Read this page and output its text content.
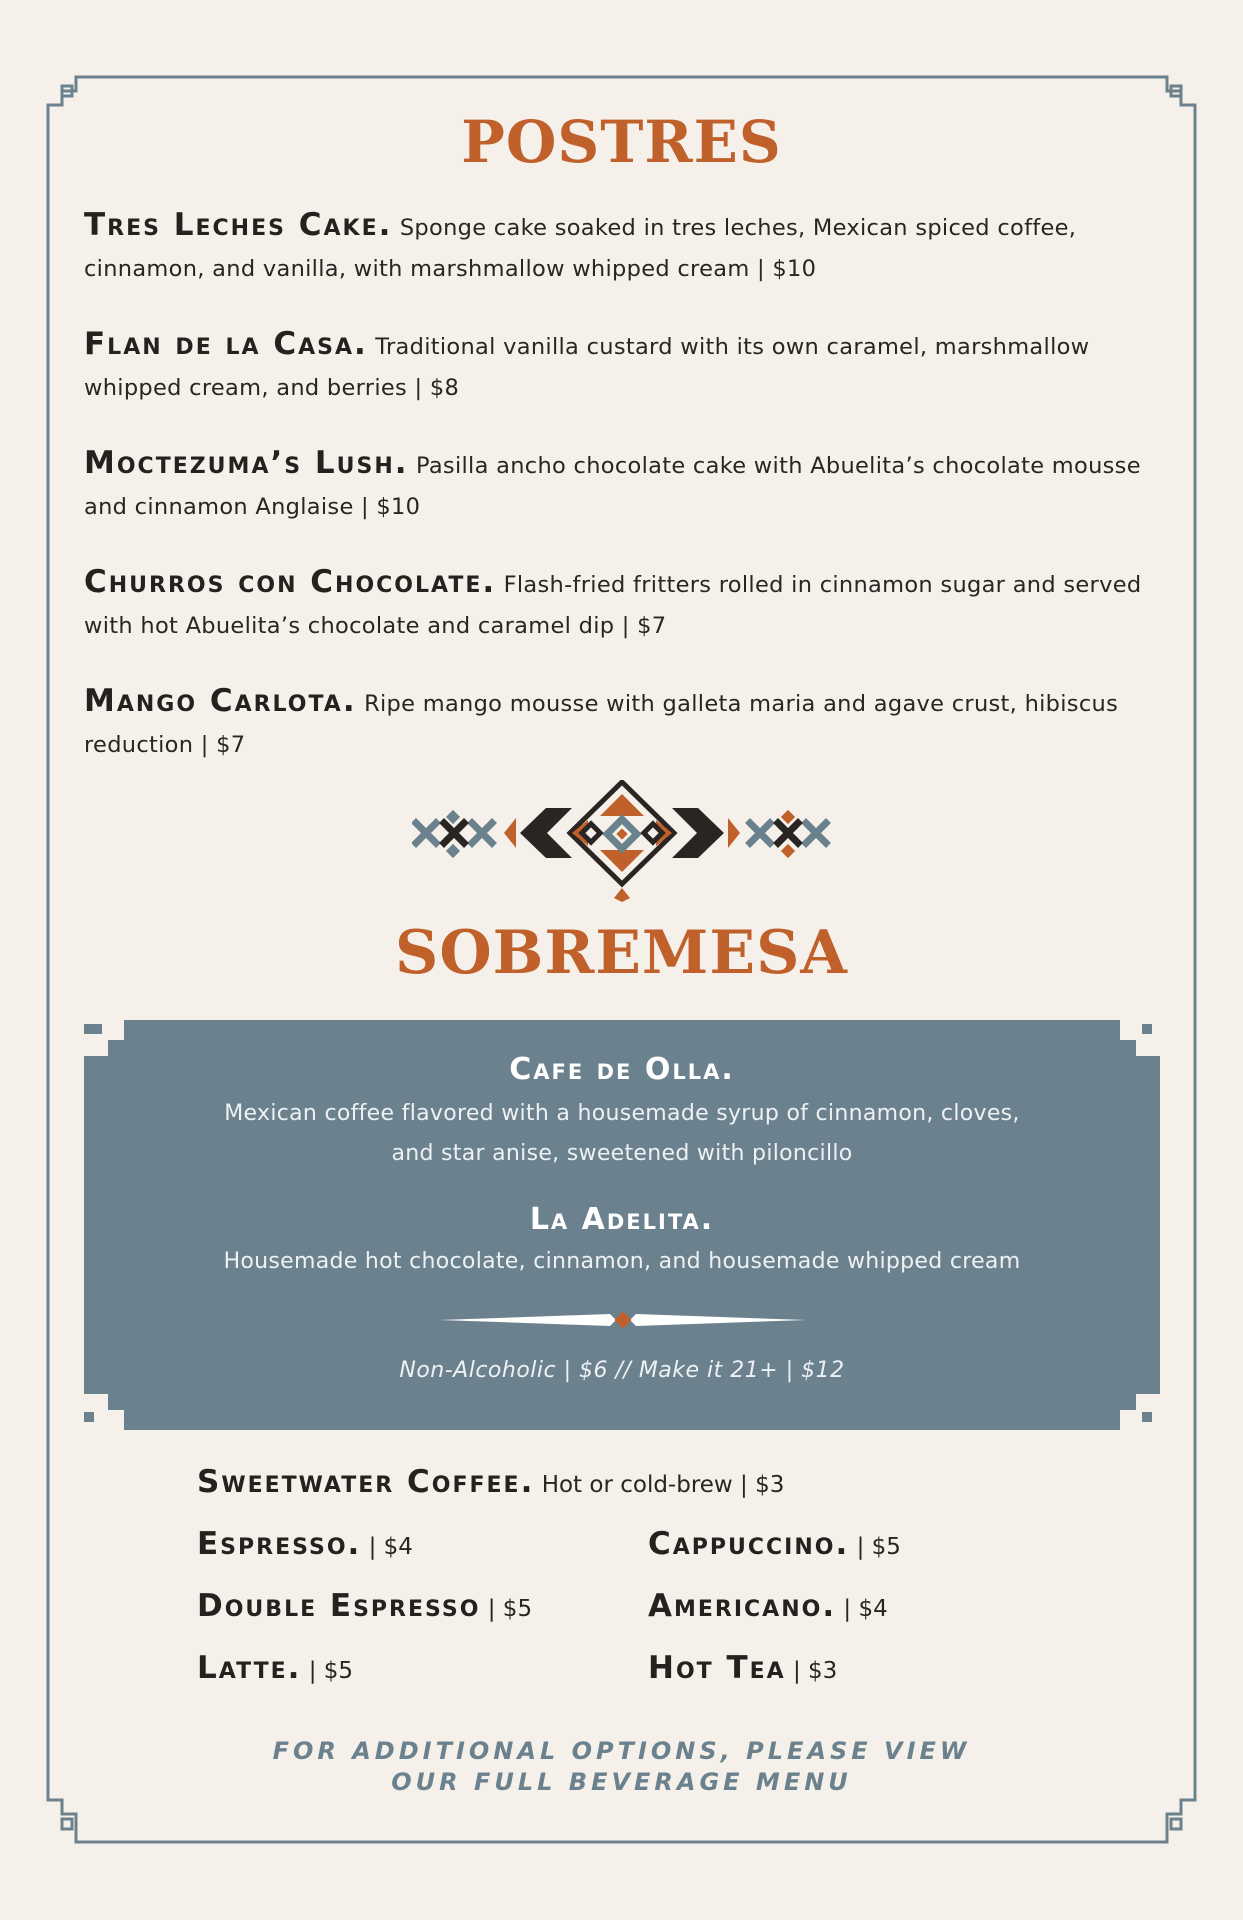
POSTRES
Tres Leches Cake. Sponge cake soaked in tres leches, Mexican spiced coffee, cinnamon, and vanilla, with marshmallow whipped cream | $10
Flan de la Casa. Traditional vanilla custard with its own caramel, marshmallow whipped cream, and berries | $8
Moctezuma’s Lush. Pasilla ancho chocolate cake with Abuelita’s chocolate mousse and cinnamon Anglaise | $10
Churros con Chocolate. Flash-fried fritters rolled in cinnamon sugar and served with hot Abuelita’s chocolate and caramel dip | $7
Mango Carlota. Ripe mango mousse with galleta maria and agave crust, hibiscus reduction | $7
SOBREMESA
Cafe de Olla.
Mexican coffee flavored with a housemade syrup of cinnamon, cloves,
and star anise, sweetened with piloncillo
La Adelita.
Housemade hot chocolate, cinnamon, and housemade whipped cream
Non-Alcoholic | $6 // Make it 21+ | $12
Sweetwater Coffee. Hot or cold-brew | $3
Espresso. | $4
Double Espresso | $5
Latte. | $5
Cappuccino. | $5
Americano. | $4
Hot Tea | $3
FOR ADDITIONAL OPTIONS, PLEASE VIEW
OUR FULL BEVERAGE MENU
